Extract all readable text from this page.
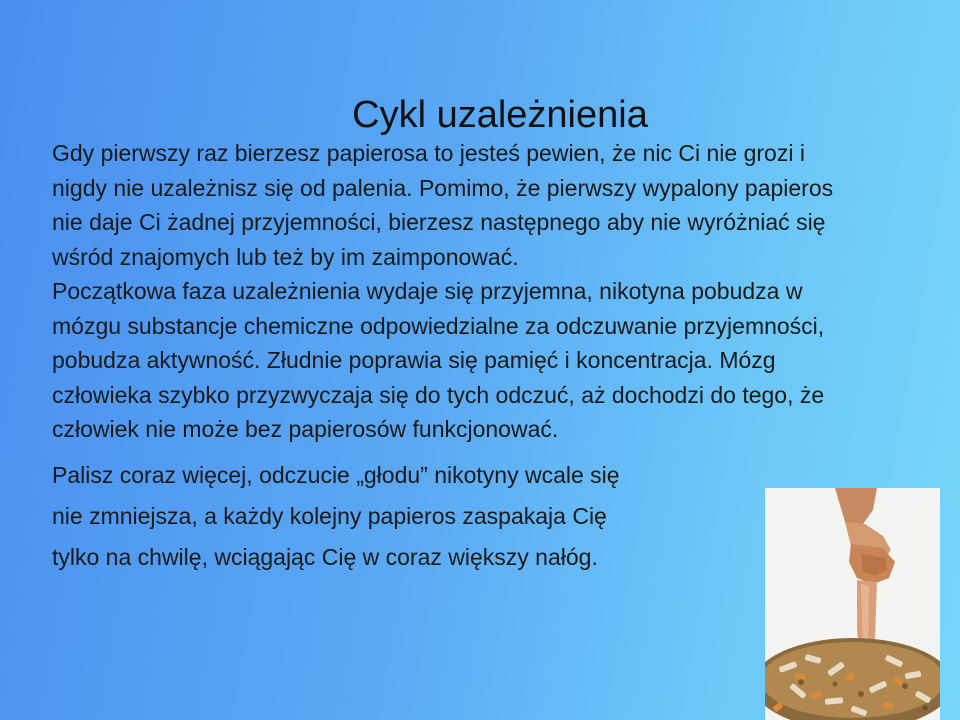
Cykl uzależnienia

Gdy pierwszy raz bierzesz papierosa to jesteś pewien, że nic Ci nie grozi i nigdy nie uzależnisz się od palenia. Pomimo, że pierwszy wypalony papieros nie daje Ci żadnej przyjemności, bierzesz następnego aby nie wyróżniać się wśród znajomych lub też by im zaimponować.

Początkowa faza uzależnienia wydaje się przyjemna, nikotyna pobudza w mózgu substancje chemiczne odpowiedzialne za odczuwanie przyjemności, pobudza aktywność. Złudnie poprawia się pamięć i koncentracja. Mózg człowieka szybko przyzwyczaja się do tych odczuć, aż dochodzi do tego, że człowiek nie może bez papierosów funkcjonować.

Palisz coraz więcej, odczucie „głodu” nikotyny wcale się
nie zmniejsza, a każdy kolejny papieros zaspakaja Cię
tylko na chwilę, wciągając Cię w coraz większy nałóg.
